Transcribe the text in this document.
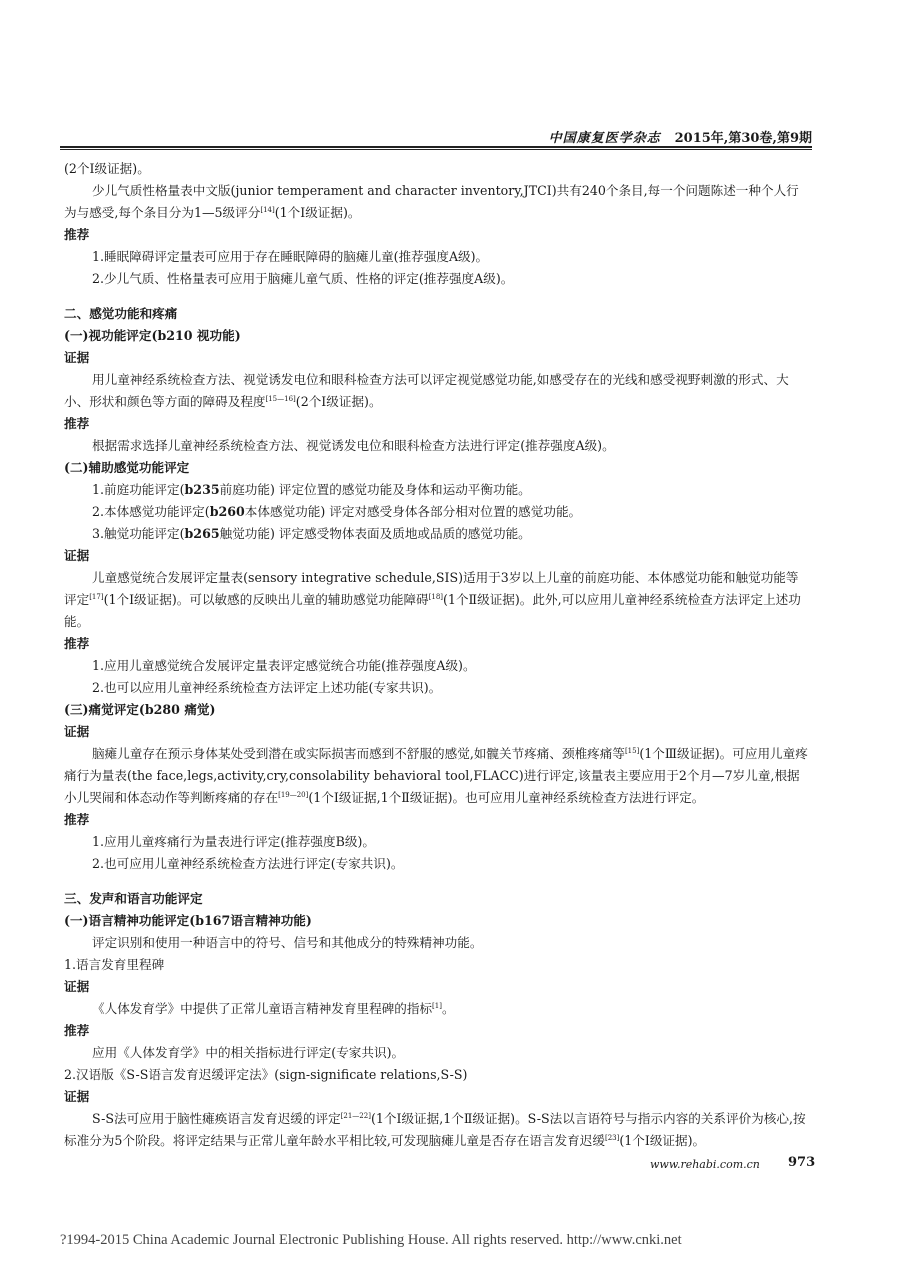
中国康复医学杂志 2015年,第30卷,第9期

(2个Ⅰ级证据)。

少儿气质性格量表中文版(junior temperament and character inventory,JTCI)共有240个条目,每一个问题陈述一种个人行为与感受,每个条目分为1—5级评分[14](1个Ⅰ级证据)。

推荐

1.睡眠障碍评定量表可应用于存在睡眠障碍的脑瘫儿童(推荐强度A级)。

2.少儿气质、性格量表可应用于脑瘫儿童气质、性格的评定(推荐强度A级)。

二、感觉功能和疼痛

(一)视功能评定(b210 视功能)

证据

用儿童神经系统检查方法、视觉诱发电位和眼科检查方法可以评定视觉感觉功能,如感受存在的光线和感受视野刺激的形式、大小、形状和颜色等方面的障碍及程度[15—16](2个Ⅰ级证据)。

推荐

根据需求选择儿童神经系统检查方法、视觉诱发电位和眼科检查方法进行评定(推荐强度A级)。

(二)辅助感觉功能评定

1.前庭功能评定(b235前庭功能) 评定位置的感觉功能及身体和运动平衡功能。

2.本体感觉功能评定(b260本体感觉功能) 评定对感受身体各部分相对位置的感觉功能。

3.触觉功能评定(b265触觉功能) 评定感受物体表面及质地或品质的感觉功能。

证据

儿童感觉统合发展评定量表(sensory integrative schedule,SIS)适用于3岁以上儿童的前庭功能、本体感觉功能和触觉功能等评定[17](1个Ⅰ级证据)。可以敏感的反映出儿童的辅助感觉功能障碍[18](1个Ⅱ级证据)。此外,可以应用儿童神经系统检查方法评定上述功能。

推荐

1.应用儿童感觉统合发展评定量表评定感觉统合功能(推荐强度A级)。

2.也可以应用儿童神经系统检查方法评定上述功能(专家共识)。

(三)痛觉评定(b280 痛觉)

证据

脑瘫儿童存在预示身体某处受到潜在或实际损害而感到不舒服的感觉,如髋关节疼痛、颈椎疼痛等[15](1个Ⅲ级证据)。可应用儿童疼痛行为量表(the face,legs,activity,cry,consolability behavioral tool,FLACC)进行评定,该量表主要应用于2个月—7岁儿童,根据小儿哭闹和体态动作等判断疼痛的存在[19—20](1个Ⅰ级证据,1个Ⅱ级证据)。也可应用儿童神经系统检查方法进行评定。

推荐

1.应用儿童疼痛行为量表进行评定(推荐强度B级)。

2.也可应用儿童神经系统检查方法进行评定(专家共识)。

三、发声和语言功能评定

(一)语言精神功能评定(b167语言精神功能)

评定识别和使用一种语言中的符号、信号和其他成分的特殊精神功能。

1.语言发育里程碑

证据

《人体发育学》中提供了正常儿童语言精神发育里程碑的指标[1]。

推荐

应用《人体发育学》中的相关指标进行评定(专家共识)。

2.汉语版《S-S语言发育迟缓评定法》(sign-significate relations,S-S)

证据

S-S法可应用于脑性瘫痪语言发育迟缓的评定[21—22](1个Ⅰ级证据,1个Ⅱ级证据)。S-S法以言语符号与指示内容的关系评价为核心,按标准分为5个阶段。将评定结果与正常儿童年龄水平相比较,可发现脑瘫儿童是否存在语言发育迟缓[23](1个Ⅰ级证据)。

www.rehabi.com.cn 973
?1994-2015 China Academic Journal Electronic Publishing House. All rights reserved. http://www.cnki.net
